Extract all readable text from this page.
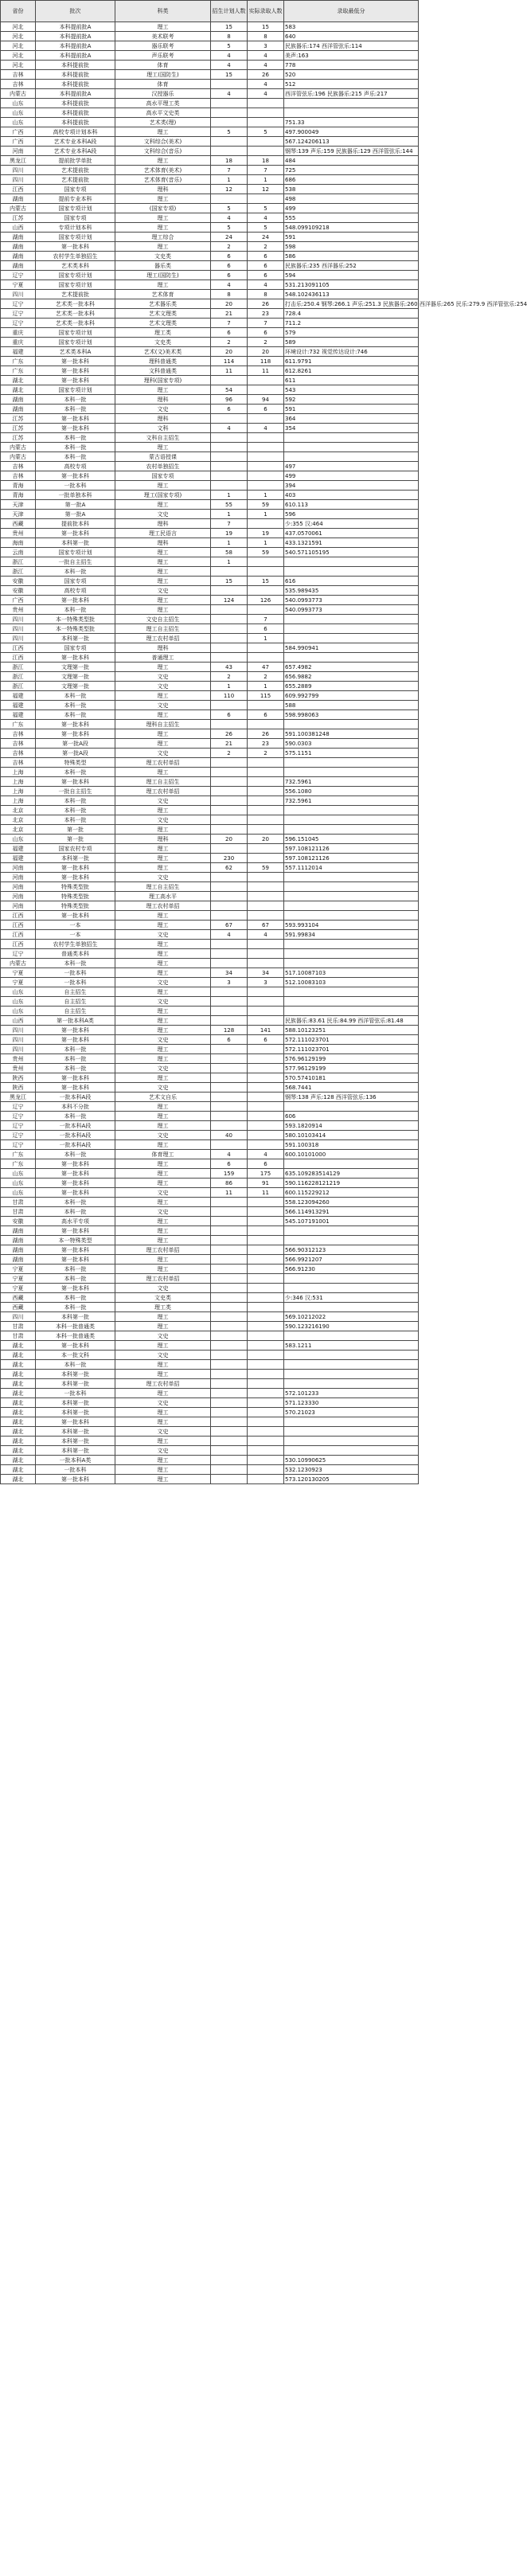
省份	批次	科类	招生计划人数	实际录取人数	录取最低分
河北	本科提前批A	理工	15	15	583
河北	本科提前批A	美术联考	8	8	640
河北	本科提前批A	器乐联考	5	3	民族器乐:174 西洋管弦乐:114
河北	本科提前批A	声乐联考	4	4	美声:163
河北	本科提前批	体育	4	4	778
吉林	本科提前批	理工(国防生)	15	26	520
吉林	本科提前批	体育		4	512
内蒙古	本科提前批A	汉授器乐	4	4	西洋管弦乐:196 民族器乐:215 声乐:217
山东	本科提前批	高水平理工类			
山东	本科提前批	高水平文史类			
山东	本科提前批	艺术类(理)			751.33
广西	高校专项计划本科	理工	5	5	497.900049
广西	艺术专业本科A段	文科综合(美术)			567.124206113
河南	艺术专业本科A段	文科综合(音乐)			钢琴:139 声乐:159 民族器乐:129 西洋管弦乐:144
黑龙江	提前批学单批	理工	18	18	484
四川	艺术提前批	艺术体育(美术)	7	7	725
四川	艺术提前批	艺术体育(音乐)	1	1	686
江西	国家专项	理科	12	12	538
湖南	提前专业本科	理工			498
内蒙古	国家专项计划	(国家专项)	5	5	499
江苏	国家专项	理工	4	4	555
山西	专项计划本科	理工	5	5	548.099109218
湖南	国家专项计划	理工综合	24	24	591
湖南	第一批本科	理工	2	2	598
湖南	农村学生单独招生	文史类	6	6	586
湖南	艺术类本科	器乐类	6	6	民族器乐:235 西洋器乐:252
辽宁	国家专项计划	理工(国防生)	6	6	594
宁夏	国家专项计划	理工	4	4	531.213091105
四川	艺术提前批	艺术体育	8	8	548.102436113
辽宁	艺术类一批本科	艺术器乐类	20	26	打击乐:250.4 钢琴:266.1 声乐:251.3 民族器乐:260 西洋器乐:265 民乐:279.9 西洋管弦乐:254
辽宁	艺术类一批本科	艺术文理类	21	23	728.4
辽宁	艺术类一批本科	艺术文理类	7	7	711.2
重庆	国家专项计划	理工类	6	6	579
重庆	国家专项计划	文史类	2	2	589
福建	艺术类本科A	艺术(文)美术类	20	20	环境设计:732 视觉传达设计:746
广东	第一批本科	理科普通类	114	118	611.9791
广东	第一批本科	文科普通类	11	11	612.8261
湖北	第一批本科	理科(国家专项)			611
湖北	国家专项计划	理工	54		543
湖南	本科一批	理科	96	94	592
湖南	本科一批	文史	6	6	591
江苏	第一批本科	理科			364
江苏	第一批本科	文科	4	4	354
江苏	本科一批	文科自主招生			
内蒙古	本科一批	理工			
内蒙古	本科一批	蒙古语授课			
吉林	高校专项	农村单独招生			497
吉林	第一批本科	国家专项			499
青海	一批本科	理工			394
青海	一批单独本科	理工(国家专项)	1	1	403
天津	第一批A	理工	55	59	610.113
天津	第一批A	文史	1	1	596
西藏	提前批本科	理科	7		少:355 汉:464
贵州	第一批本科	理工民语言	19	19	437.0570061
海南	本科第一批	理科	1	1	433.1321591
云南	国家专项计划	理工	58	59	540.571105195
浙江	一批自主招生	理工	1		
浙江	本科一批	理工			
安徽	国家专项	理工	15	15	616
安徽	高校专项	文史			535.989435
广西	第一批本科	理工	124	126	540.0993773
贵州	本科一批	理工			540.0993773
四川	本一特殊类型批	文史自主招生		7	
四川	本一特殊类型批	理工自主招生		6	
四川	本科第一批	理工农村单招		1	
江西	国家专项	理科			584.990941
江西	第一批本科	普通理工			
浙江	文理第一批	理工	43	47	657.4982
浙江	文理第一批	文史	2	2	656.9882
浙江	文理第一批	文史	1	1	655.2889
福建	本科一批	理工	110	115	609.992799
福建	本科一批	文史			588
福建	本科一批	理工	6	6	598.998063
广东	第一批本科	理科自主招生			
吉林	第一批本科	理工	26	26	591.100381248
吉林	第一批A段	理工	21	23	590.0303
吉林	第一批A段	文史	2	2	575.1151
吉林	特殊类型	理工农村单招			
上海	本科一批	理工			
上海	第一批本科	理工自主招生			732.5961
上海	一批自主招生	理工农村单招			556.1080
上海	本科一批	文史			732.5961
北京	本科一批	理工			
北京	本科一批	文史			
北京	第一批	理工			
山东	第一批	理科	20	20	596.151045
福建	国家农村专项	理工			597.108121126
福建	本科第一批	理工	230		597.108121126
河南	第一批本科	理工	62	59	557.1112014
河南	第一批本科	文史			
河南	特殊类型批	理工自主招生			
河南	特殊类型批	理工高水平			
河南	特殊类型批	理工农村单招			
江西	第一批本科	理工			
江西	一本	理工	67	67	593.993104
江西	一本	文史	4	4	591.99834
江西	农村学生单独招生	理工			
辽宁	普通类本科	理工			
内蒙古	本科一批	理工			
宁夏	一批本科	理工	34	34	517.10087103
宁夏	一批本科	文史	3	3	512.10083103
山东	自主招生	理工			
山东	自主招生	文史			
山东	自主招生	理工			
山西	第一批本科A类	理工			民族器乐:83.61 民乐:84.99 西洋管弦乐:81.48
四川	第一批本科	理工	128	141	588.10123251
四川	第一批本科	文史	6	6	572.111023701
四川	本科一批	理工			572.111023701
贵州	本科一批	理工			576.96129199
贵州	本科一批	文史			577.96129199
陕西	第一批本科	理工			570.57410181
陕西	第一批本科	文史			568.7441
黑龙江	一批本科A段	艺术文自乐			钢琴:138 声乐:128 西洋管弦乐:136
辽宁	本科不分批	理工			
辽宁	本科一批	理工			606
辽宁	一批本科A段	理工			593.1820914
辽宁	一批本科A段	文史	40		580.10103414
辽宁	一批本科A段	理工			591.100318
广东	本科一批	体育理工	4	4	600.10101000
广东	第一批本科	理工	6	6	
山东	第一批本科	理工	159	175	635.109283514129
山东	第一批本科	理工	86	91	590.116228121219
山东	第一批本科	文史	11	11	600.115229212
甘肃	本科一批	理工			558.123094260
甘肃	本科一批	文史			566.114913291
安徽	高水平专项	理工			545.107191001
湖南	第一批本科	理工			
湖南	本一特殊类型	理工			
湖南	第一批本科	理工农村单招			566.90312123
湖南	第一批本科	理工			566.9921207
宁夏	本科一批	理工			566.91230
宁夏	本科一批	理工农村单招			
宁夏	第一批本科	文史			
西藏	本科一批	文史类			少:346 汉:531
西藏	本科一批	理工类			
四川	本科第一批	理工			569.10212022
甘肃	本科一批普通类	理工			590.123216190
甘肃	本科一批普通类	文史			
湖北	第一批本科	理工			583.1211
湖北	本一批文科	文史			
湖北	本科一批	理工			
湖北	本科第一批	理工			
湖北	本科第一批	理工农村单招			
湖北	一批本科	理工			572.101233
湖北	本科第一批	文史			571.123330
湖北	本科第一批	理工			570.21023
湖北	第一批本科	理工			
湖北	本科第一批	文史			
湖北	本科第一批	理工			
湖北	本科第一批	文史			
湖北	一批本科A类	理工			530.10990625
湖北	一批本科	理工			532.1230923
湖北	第一批本科	理工			573.120130205
